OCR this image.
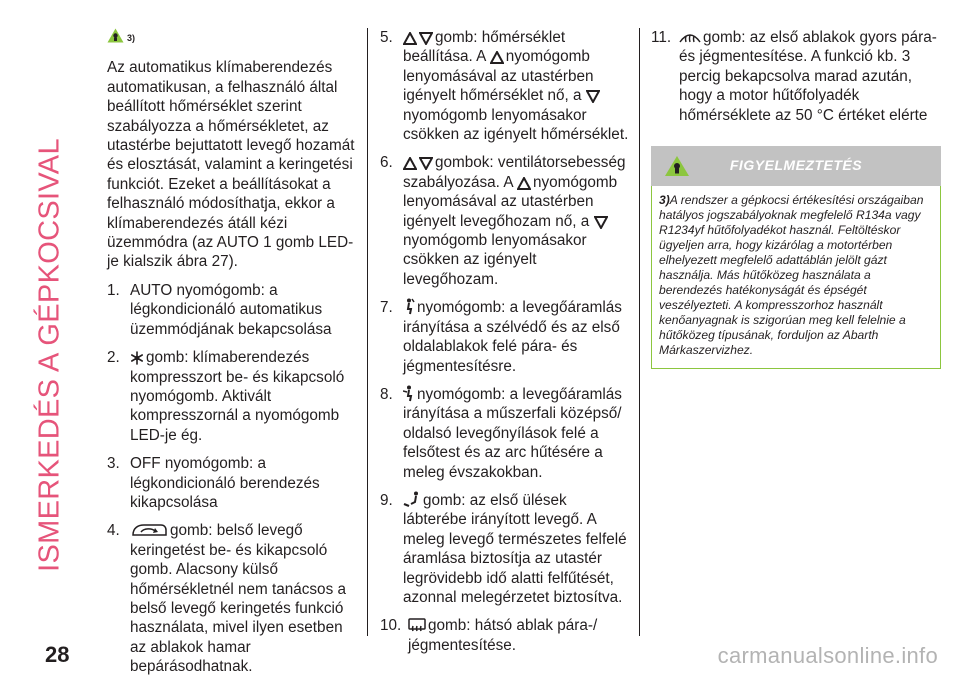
ISMERKEDÉS A GÉPKOCSIVAL
28	carmanualsonline.info
3)

Az automatikus klímaberendezés automatikusan, a felhasználó által beállított hőmérséklet szerint szabályozza a hőmérsékletet, az utastérbe bejuttatott levegő hozamát és elosztását, valamint a keringetési funkciót. Ezeket a beállításokat a felhasználó módosíthatja, ekkor a klímaberendezés átáll kézi üzemmódra (az AUTO 1 gomb LED-je kialszik ábra 27).

1. AUTO nyomógomb: a légkondicionáló automatikus üzemmódjának bekapcsolása
2.	gomb: klímaberendezés kompresszort be- és kikapcsoló nyomógomb. Aktivált kompresszornál a nyomógomb LED-je ég.
3. OFF nyomógomb: a légkondicionáló berendezés kikapcsolása
4.	gomb: belső levegő keringetést be- és kikapcsoló gomb. Alacsony külső hőmérsékletnél nem tanácsos a belső levegő keringetés funkció használata, mivel ilyen esetben az ablakok hamar bepárásodhatnak.
5.	gomb: hőmérséklet beállítása. A nyomógomb lenyomásával az utastérben igényelt hőmérséklet nő, a
nyomógomb lenyomásakor csökken az igényelt hőmérséklet.
6.	gombok: ventilátorsebesség szabályozása. A nyomógomb lenyomásával az utastérben igényelt levegőhozam nő, a
nyomógomb lenyomásakor csökken az igényelt levegőhozam.
7.	nyomógomb: a levegőáramlás irányítása a szélvédő és az első oldalablakok felé pára- és jégmentesítésre.
8.	nyomógomb: a levegőáramlás irányítása a műszerfali középső/ oldalsó levegőnyílások felé a felsőtest és az arc hűtésére a meleg évszakokban.
9.	gomb: az első ülések lábterébe irányított levegő. A meleg levegő természetes felfelé áramlása biztosítja az utastér legrövidebb idő alatti felfűtését, azonnal melegérzetet biztosítva.
10.	gomb: hátsó ablak pára-/ jégmentesítése.
11.	gomb: az első ablakok gyors pára- és jégmentesítése. A funkció kb. 3 percig bekapcsolva marad azután, hogy a motor hűtőfolyadék hőmérséklete az 50 °C értéket elérte
FIGYELMEZTETÉS
3)A rendszer a gépkocsi értékesítési országaiban hatályos jogszabályoknak megfelelő R134a vagy R1234yf hűtőfolyadékot használ. Feltöltéskor ügyeljen arra, hogy kizárólag a motortérben elhelyezett megfelelő adattáblán jelölt gázt használja. Más hűtőközeg használata a berendezés hatékonyságát és épségét veszélyezteti. A kompresszorhoz használt kenőanyagnak is szigorúan meg kell felelnie a hűtőközeg típusának, forduljon az Abarth Márkaszervizhez.
